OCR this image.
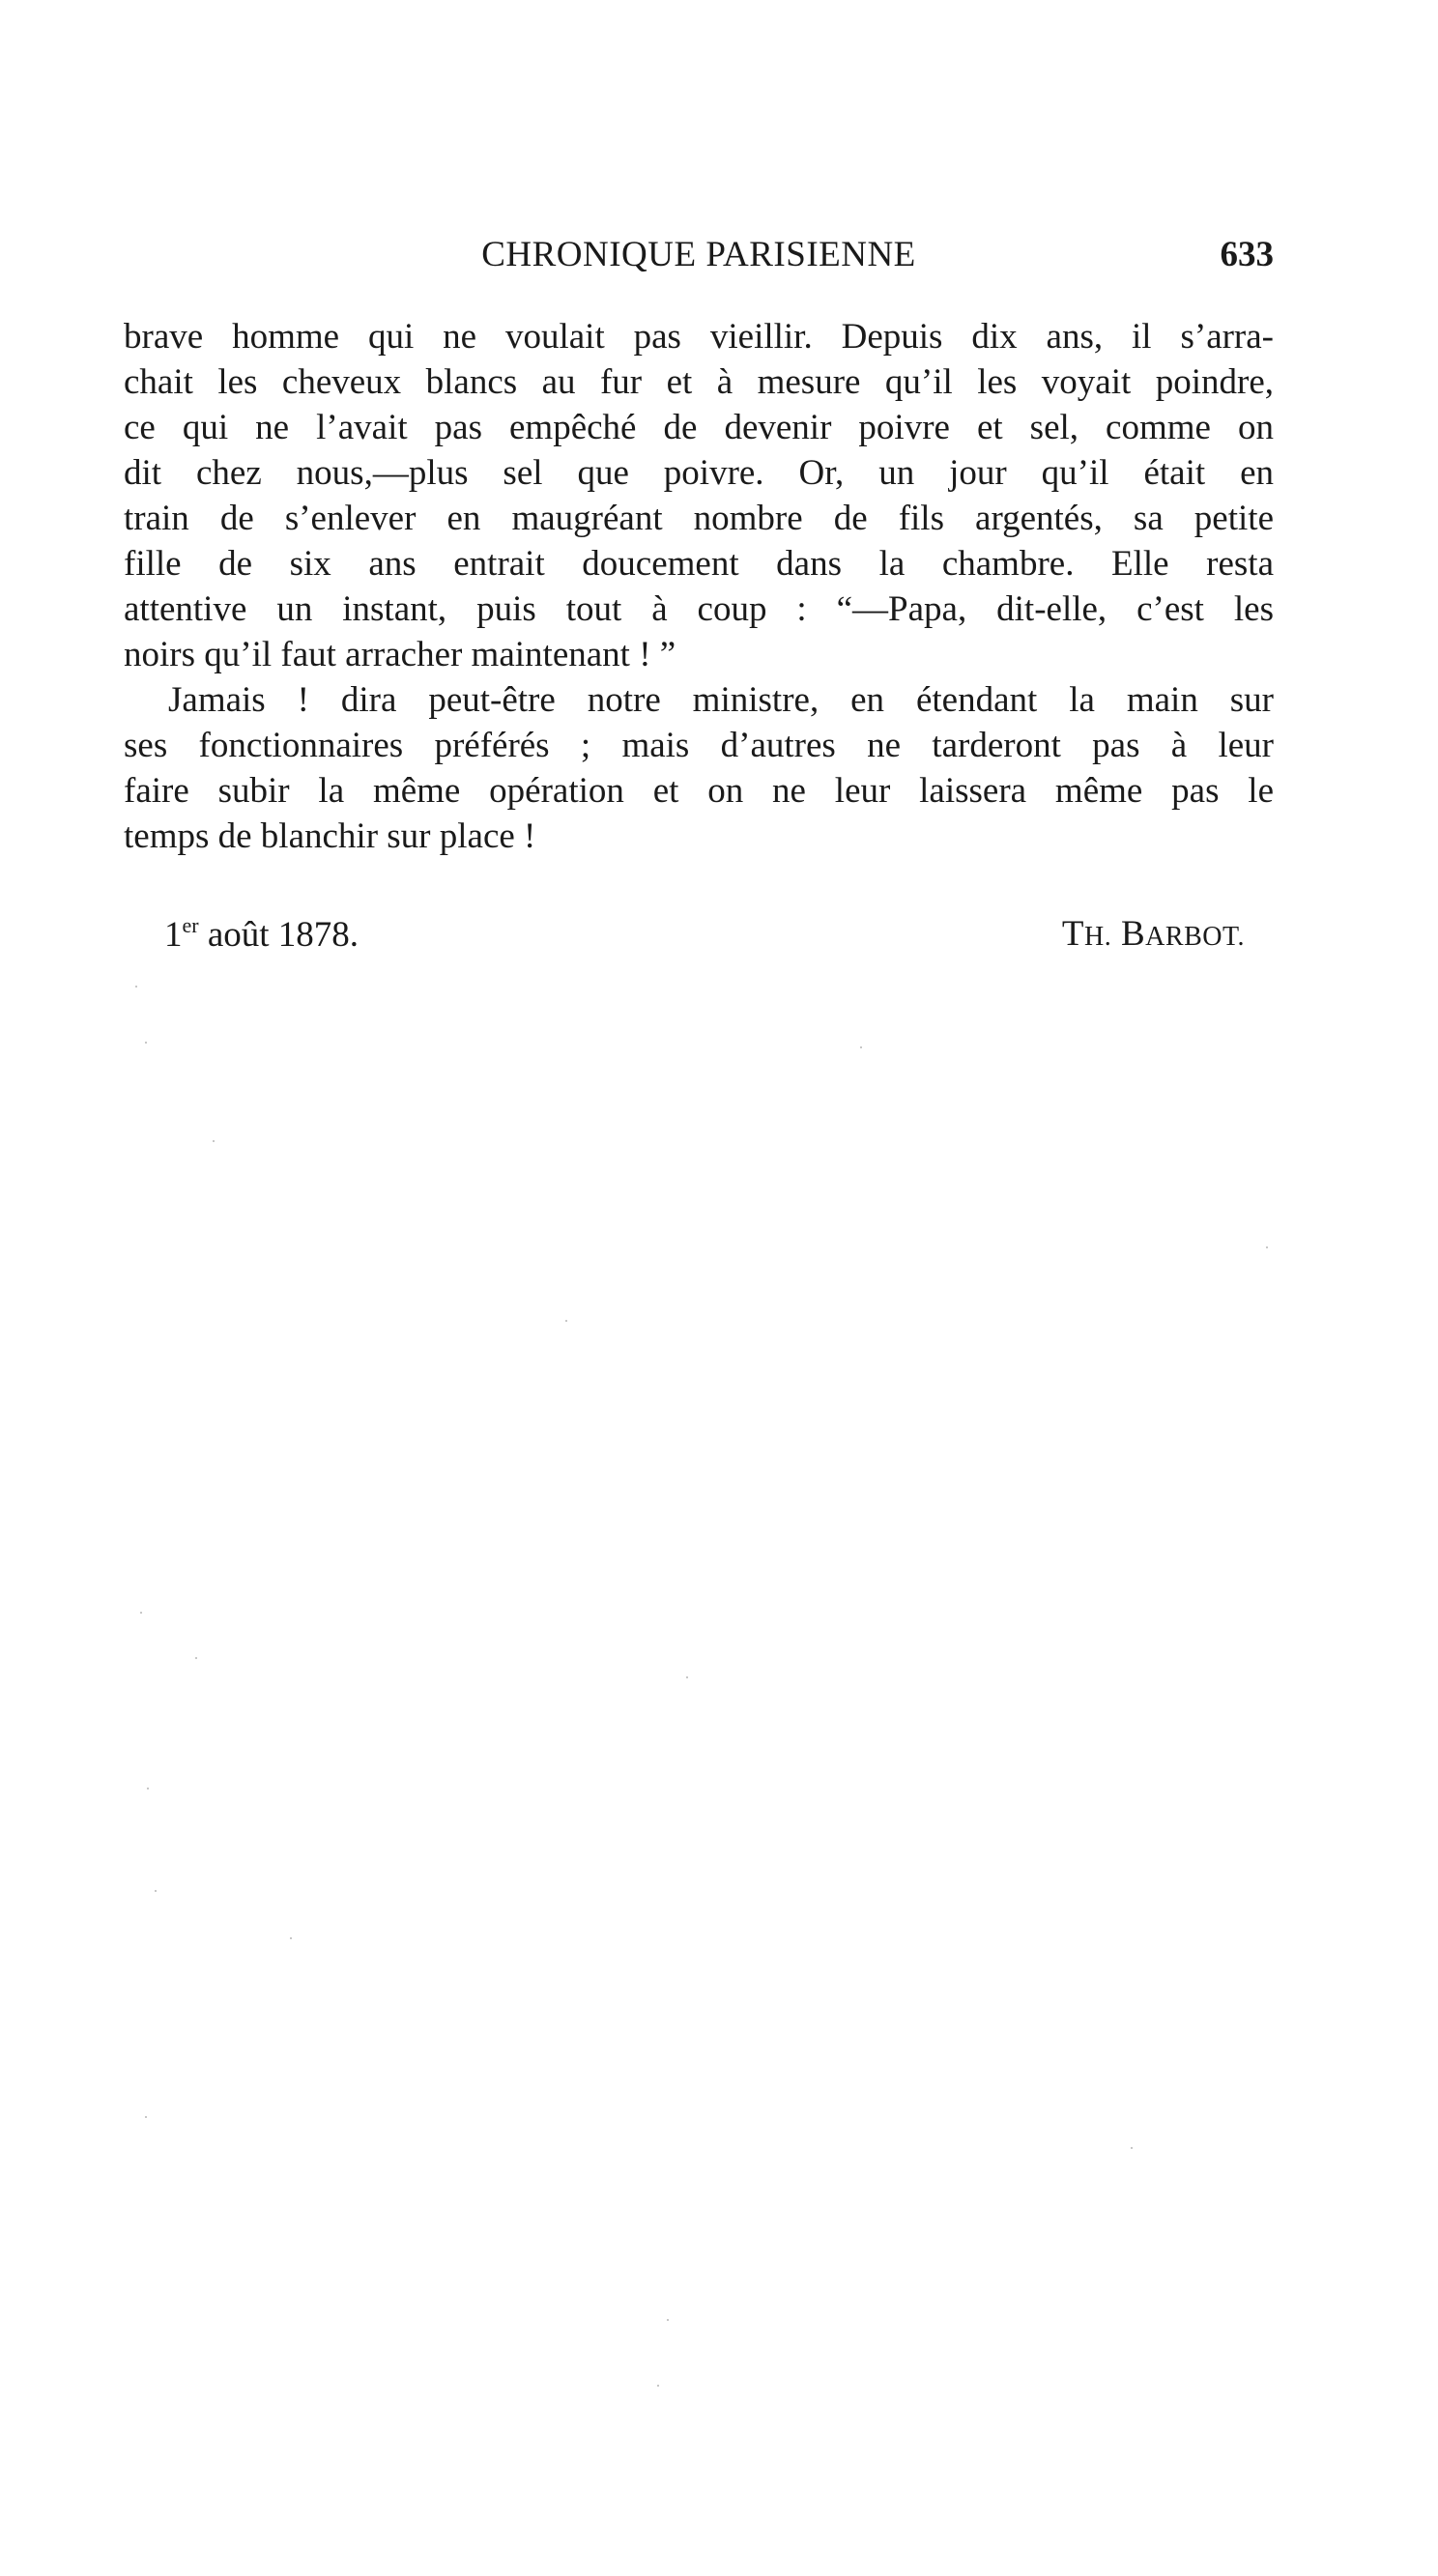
CHRONIQUE PARISIENNE	633
brave homme qui ne voulait pas vieillir. Depuis dix ans, il s’arra-
chait les cheveux blancs au fur et à mesure qu’il les voyait poindre,
ce qui ne l’avait pas empêché de devenir poivre et sel, comme on
dit chez nous,—plus sel que poivre. Or, un jour qu’il était en
train de s’enlever en maugréant nombre de fils argentés, sa petite
fille de six ans entrait doucement dans la chambre. Elle resta
attentive un instant, puis tout à coup : “—Papa, dit-elle, c’est les
noirs qu’il faut arracher maintenant ! ”
Jamais ! dira peut-être notre ministre, en étendant la main sur
ses fonctionnaires préférés ; mais d’autres ne tarderont pas à leur
faire subir la même opération et on ne leur laissera même pas le
temps de blanchir sur place !
1er août 1878.	TH. BARBOT.
